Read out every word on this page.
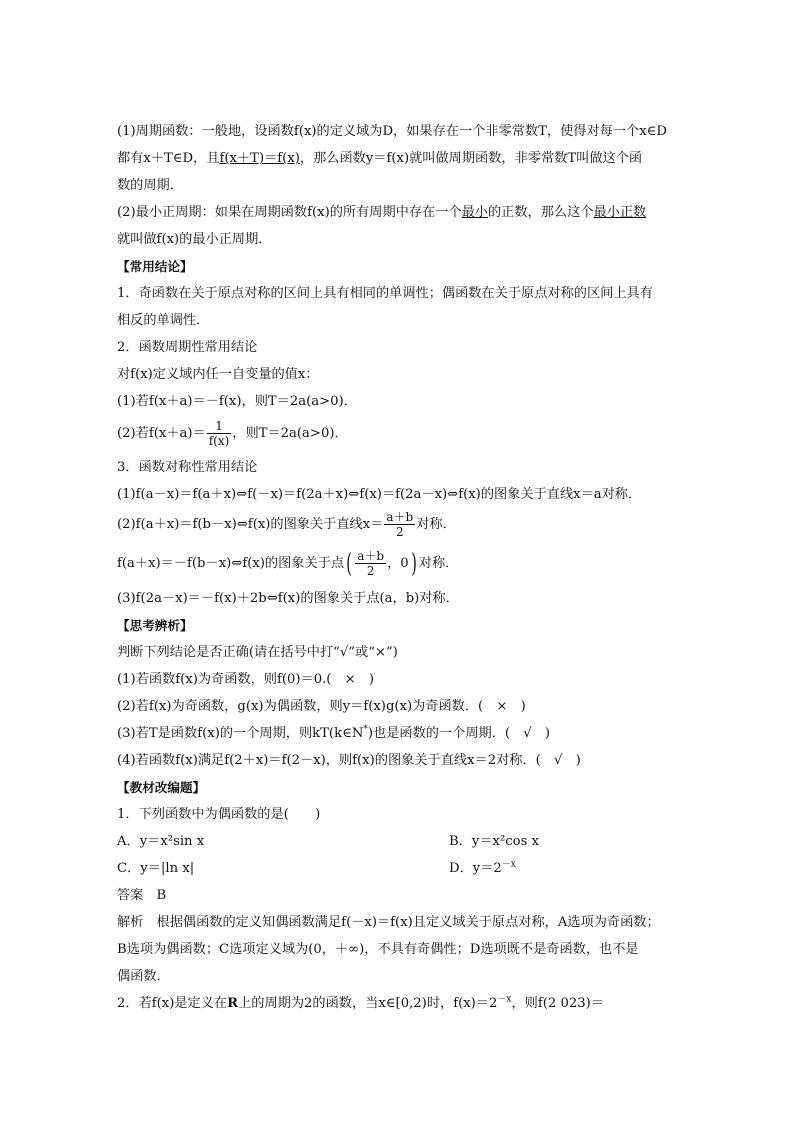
(1)周期函数：一般地，设函数f(x)的定义域为D，如果存在一个非零常数T，使得对每一个x∈D
都有x＋T∈D，且f(x＋T)＝f(x)，那么函数y＝f(x)就叫做周期函数，非零常数T叫做这个函
数的周期．
(2)最小正周期：如果在周期函数f(x)的所有周期中存在一个最小的正数，那么这个最小正数
就叫做f(x)的最小正周期．
【常用结论】
1．奇函数在关于原点对称的区间上具有相同的单调性；偶函数在关于原点对称的区间上具有
相反的单调性．
2．函数周期性常用结论
对f(x)定义域内任一自变量的值x：
(1)若f(x＋a)＝－f(x)，则T＝2a(a>0)．
(2)若$f(x+a)= \frac{1}{f(x)}$ ，则T＝2a(a>0)．
3．函数对称性常用结论
(1)f(a－x)＝f(a＋x)⇔f(－x)＝f(2a＋x)⇔f(x)＝f(2a－x)⇔f(x)的图象关于直线x＝a对称．
(2)f(a＋x)＝f(b－x)⇔f(x)的图象关于直线$x= \frac{a+b}{2}$ 对称．
f(a＋x)＝－f(b－x)⇔f(x)的图象关于点( $\frac{a+b}{2}$ ，0) 对称．
(3)f(2a－x)＝－f(x)＋2b⇔f(x)的图象关于点(a，b)对称．
【思考辨析】
判断下列结论是否正确(请在括号中打“√”或“×”)
(1)若函数f(x)为奇函数，则f(0)＝0.(　×　)
(2)若f(x)为奇函数，g(x)为偶函数，则y＝f(x)g(x)为奇函数．(　×　)
(3)若T是函数f(x)的一个周期，则kT(k∈N*)也是函数的一个周期．(　√　)
(4)若函数f(x)满足f(2＋x)＝f(2－x)，则f(x)的图象关于直线x＝2对称．(　√　)
【教材改编题】
1．下列函数中为偶函数的是(　　)
A．y＝x²sin x	B．y＝x²cos x
C．y＝|ln x|	D．$y=2^{-x}$
答案　B
解析　根据偶函数的定义知偶函数满足f(－x)＝f(x)且定义域关于原点对称，A选项为奇函数；
B选项为偶函数；C选项定义域为(0，＋∞)，不具有奇偶性；D选项既不是奇函数，也不是
偶函数．
2．若f(x)是定义在R上的周期为2的函数，当x∈[0,2)时，$f(x)=2^{-x}$，则f(2 023)＝
